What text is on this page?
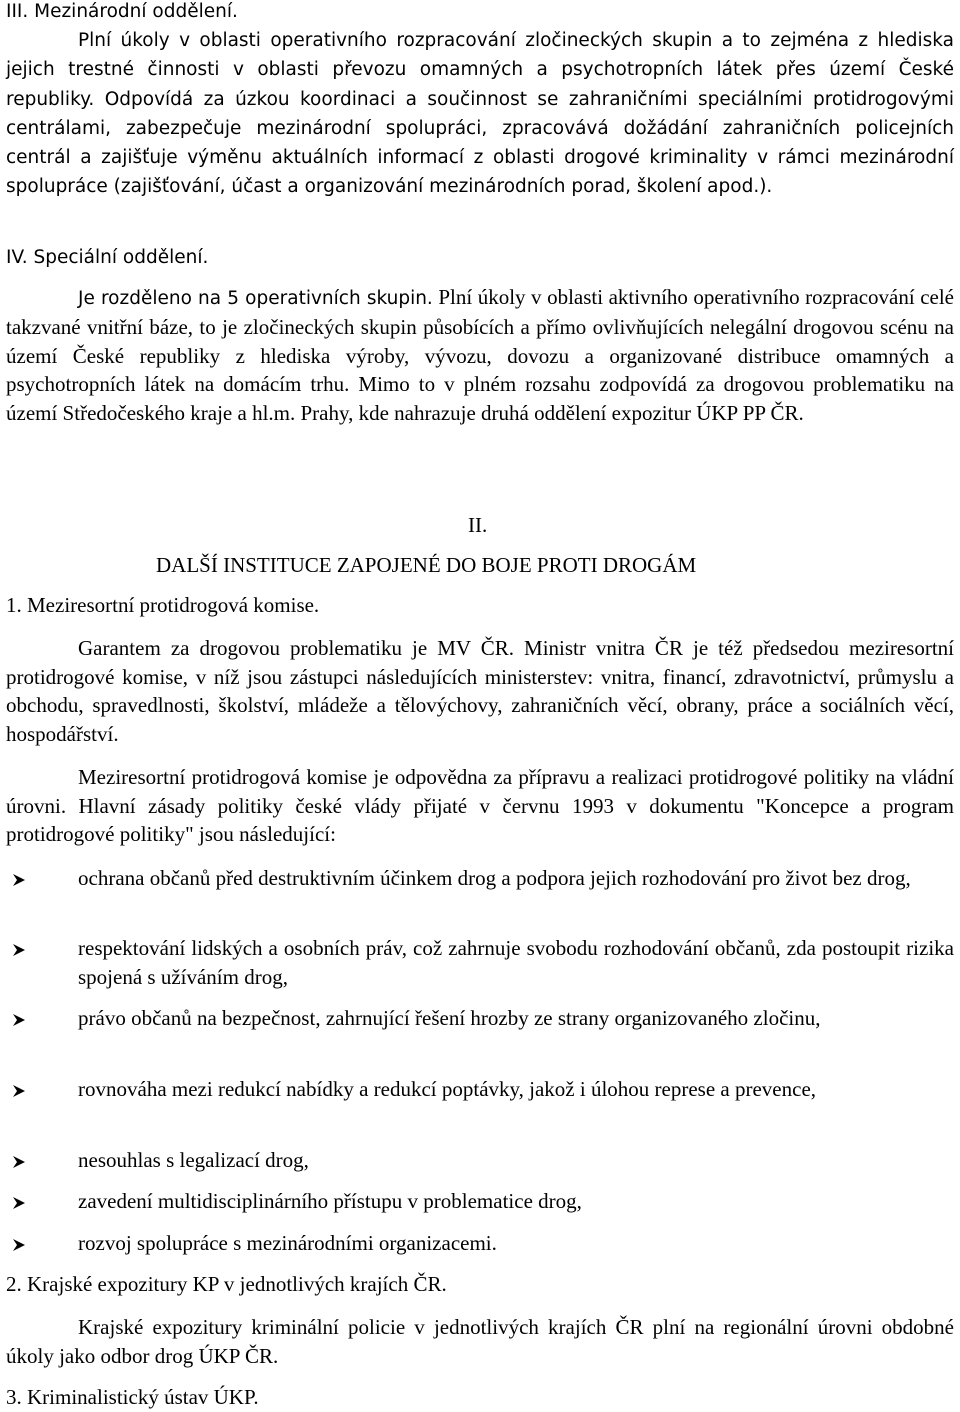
III. Mezinárodní oddělení.

Plní úkoly v oblasti operativního rozpracování zločineckých skupin a to zejména z hlediska jejich trestné činnosti v oblasti převozu omamných a psychotropních látek přes území České republiky. Odpovídá za úzkou koordinaci a součinnost se zahraničními speciálními protidrogovými centrálami, zabezpečuje mezinárodní spolupráci, zpracovává dožádání zahraničních policejních centrál a zajišťuje výměnu aktuálních informací z oblasti drogové kriminality v rámci mezinárodní spolupráce (zajišťování, účast a organizování mezinárodních porad, školení apod.).

IV. Speciální oddělení.

Je rozděleno na 5 operativních skupin. Plní úkoly v oblasti aktivního operativního rozpracování celé takzvané vnitřní báze, to je zločineckých skupin působících a přímo ovlivňujících nelegální drogovou scénu na území České republiky z hlediska výroby, vývozu, dovozu a organizované distribuce omamných a psychotropních látek na domácím trhu. Mimo to v plném rozsahu zodpovídá za drogovou problematiku na území Středočeského kraje a hl.m. Prahy, kde nahrazuje druhá oddělení expozitur ÚKP PP ČR.

II.
DALŠÍ INSTITUCE ZAPOJENÉ DO BOJE PROTI DROGÁM
1. Meziresortní protidrogová komise.

Garantem za drogovou problematiku je MV ČR. Ministr vnitra ČR je též předsedou meziresortní protidrogové komise, v níž jsou zástupci následujících ministerstev: vnitra, financí, zdravotnictví, průmyslu a obchodu, spravedlnosti, školství, mládeže a tělovýchovy, zahraničních věcí, obrany, práce a sociálních věcí, hospodářství.

Meziresortní protidrogová komise je odpovědna za přípravu a realizaci protidrogové politiky na vládní úrovni. Hlavní zásady politiky české vlády přijaté v červnu 1993 v dokumentu "Koncepce a program protidrogové politiky" jsou následující:

ochrana občanů před destruktivním účinkem drog a podpora jejich rozhodování pro život bez drog,
respektování lidských a osobních práv, což zahrnuje svobodu rozhodování občanů, zda postoupit rizika spojená s užíváním drog,
právo občanů na bezpečnost, zahrnující řešení hrozby ze strany organizovaného zločinu,
rovnováha mezi redukcí nabídky a redukcí poptávky, jakož i úlohou represe a prevence,
nesouhlas s legalizací drog,
zavedení multidisciplinárního přístupu v problematice drog,
rozvoj spolupráce s mezinárodními organizacemi.
2. Krajské expozitury KP v jednotlivých krajích ČR.

Krajské expozitury kriminální policie v jednotlivých krajích ČR plní na regionální úrovni obdobné úkoly jako odbor drog ÚKP ČR.

3. Kriminalistický ústav ÚKP.
